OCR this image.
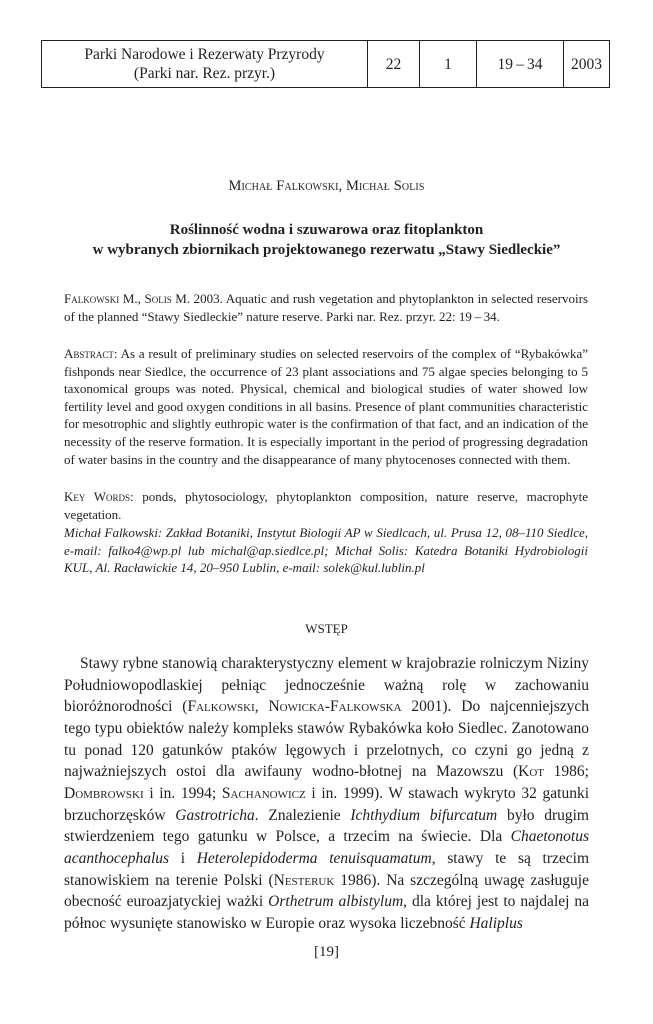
Parki Narodowe i Rezerwaty Przyrody
(Parki nar. Rez. przyr.)
	22	1	19 – 34	2003
Michał Falkowski, Michał Solis
Roślinność wodna i szuwarowa oraz fitoplankton
w wybranych zbiornikach projektowanego rezerwatu „Stawy Siedleckie”

Falkowski M., Solis M. 2003. Aquatic and rush vegetation and phytoplankton in selected reservoirs of the planned “Stawy Siedleckie” nature reserve. Parki nar. Rez. przyr. 22: 19 – 34.

Abstract: As a result of preliminary studies on selected reservoirs of the complex of “Rybakówka” fishponds near Siedlce, the occurrence of 23 plant associations and 75 algae species belonging to 5 taxonomical groups was noted. Physical, chemical and biological studies of water showed low fertility level and good oxygen conditions in all basins. Presence of plant communities characteristic for mesotrophic and slightly euthropic water is the confirmation of that fact, and an indication of the necessity of the reserve formation. It is especially important in the period of progressing degradation of water basins in the country and the disappearance of many phytocenoses connected with them.

Key Words: ponds, phytosociology, phytoplankton composition, nature reserve, macrophyte vegetation.

Michał Falkowski: Zakład Botaniki, Instytut Biologii AP w Siedlcach, ul. Prusa 12, 08–110 Siedlce, e-mail: falko4@wp.pl lub michal@ap.siedlce.pl; Michał Solis: Katedra Botaniki Hydrobiologii KUL, Al. Racławickie 14, 20–950 Lublin, e-mail: solek@kul.lublin.pl

WSTĘP

Stawy rybne stanowią charakterystyczny element w krajobrazie rolniczym Niziny Południowopodlaskiej pełniąc jednocześnie ważną rolę w zachowaniu bioróżnorodności (Falkowski, Nowicka-Falkowska 2001). Do najcenniejszych tego typu obiektów należy kompleks stawów Rybakówka koło Siedlec. Zanotowano tu ponad 120 gatunków ptaków lęgowych i przelotnych, co czyni go jedną z najważniejszych ostoi dla awifauny wodno-błotnej na Mazowszu (Kot 1986; Dombrowski i in. 1994; Sachanowicz i in. 1999). W stawach wykryto 32 gatunki brzuchorzęsków Gastrotricha. Znalezienie Ichthydium bifurcatum było drugim stwierdzeniem tego gatunku w Polsce, a trzecim na świecie. Dla Chaetonotus acanthocephalus i Heterolepidoderma tenuisquamatum, stawy te są trzecim stanowiskiem na terenie Polski (Nesteruk 1986). Na szczególną uwagę zasługuje obecność euroazjatyckiej ważki Orthetrum albistylum, dla której jest to najdalej na północ wysunięte stanowisko w Europie oraz wysoka liczebność Haliplus

[19]
